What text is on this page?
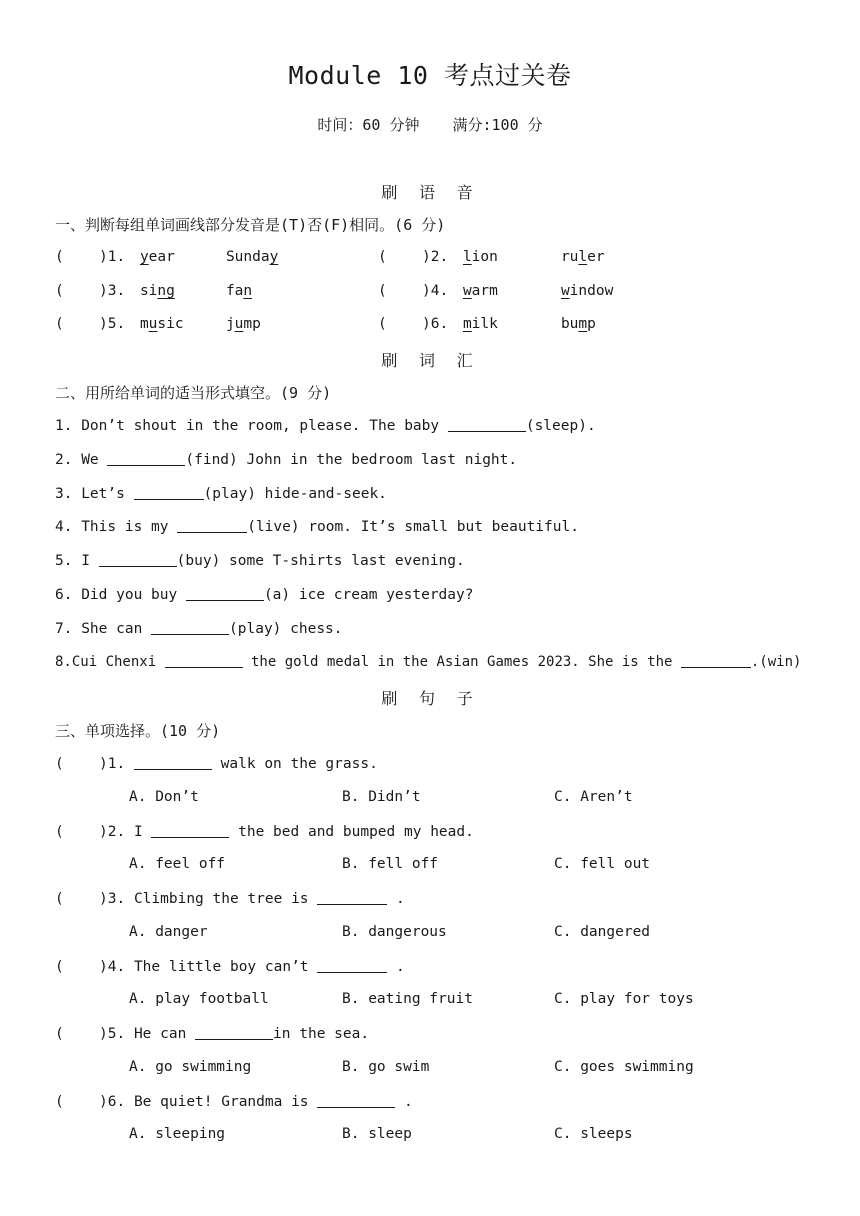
Module 10 考点过关卷
时间：60 分钟 满分:100 分
刷 语 音
一、判断每组单词画线部分发音是(T)否(F)相同。(6 分)
( )1. year	Sunday	( )2. lion	ruler
( )3. sing	fan	( )4. warm	window
( )5. music	jump	( )6. milk	bump
刷 词 汇
二、用所给单词的适当形式填空。(9 分)
1. Don’t shout in the room, please. The baby	(sleep).
2. We	(find) John in the bedroom last night.
3. Let’s	(play) hide-and-seek.
4. This is my	(live) room. It’s small but beautiful.
5. I	(buy) some T-shirts last evening.
6. Did you buy	(a) ice cream yesterday?
7. She can	(play) chess.
8.Cui Chenxi	the gold medal in the Asian Games 2023. She is the	.(win)
刷 句 子
三、单项选择。(10 分)
( )1.	walk on the grass.
A. Don’t	B. Didn’t	C. Aren’t
( )2. I	the bed and bumped my head.
A. feel off	B. fell off	C. fell out
( )3. Climbing the tree is	.
A. danger	B. dangerous	C. dangered
( )4. The little boy can’t	.
A. play football	B. eating fruit	C. play for toys
( )5. He can	in the sea.
A. go swimming	B. go swim	C. goes swimming
( )6. Be quiet! Grandma is	.
A. sleeping	B. sleep	C. sleeps
